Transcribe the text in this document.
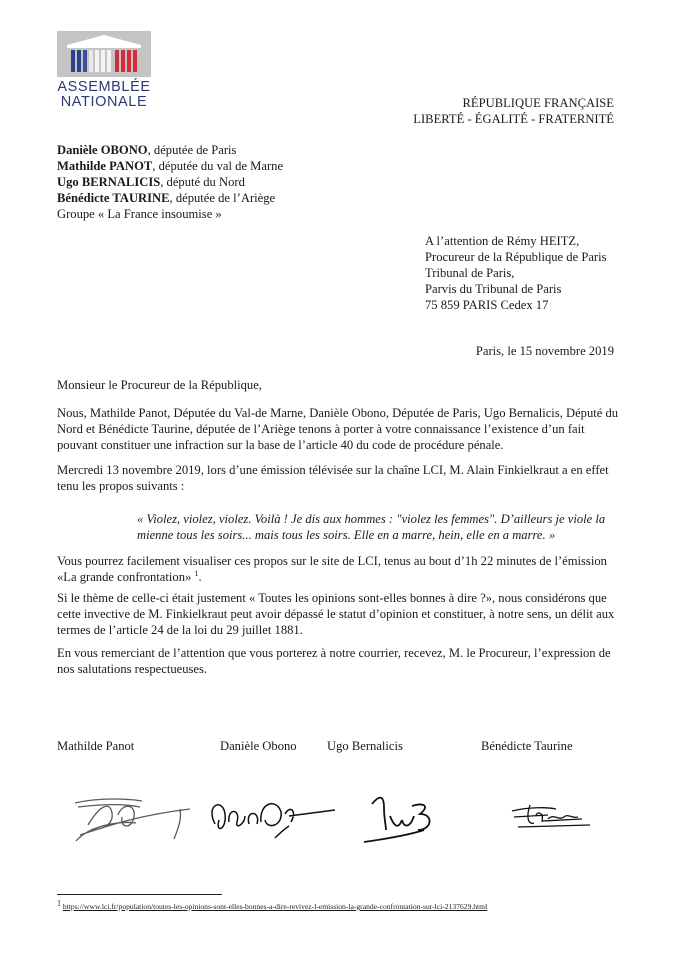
ASSEMBLÉE
NATIONALE	RÉPUBLIQUE FRANÇAISE
LIBERTÉ - ÉGALITÉ - FRATERNITÉ
Danièle OBONO, députée de Paris
Mathilde PANOT, députée du val de Marne
Ugo BERNALICIS, député du Nord
Bénédicte TAURINE, députée de l’Ariège
Groupe « La France insoumise »
A l’attention de Rémy HEITZ,
Procureur de la République de Paris
Tribunal de Paris,
Parvis du Tribunal de Paris
75 859 PARIS Cedex 17
Paris, le 15 novembre 2019

Monsieur le Procureur de la République,

Nous, Mathilde Panot, Députée du Val-de Marne, Danièle Obono, Députée de Paris, Ugo Bernalicis, Député du Nord et Bénédicte Taurine, députée de l’Ariège tenons à porter à votre connaissance l’existence d’un fait pouvant constituer une infraction sur la base de l’article 40 du code de procédure pénale.

Mercredi 13 novembre 2019, lors d’une émission télévisée sur la chaîne LCI, M. Alain Finkielkraut a en effet tenu les propos suivants :

« Violez, violez, violez. Voilà ! Je dis aux hommes : "violez les femmes". D’ailleurs je viole la mienne tous les soirs... mais tous les soirs. Elle en a marre, hein, elle en a marre. »

Vous pourrez facilement visualiser ces propos sur le site de LCI, tenus au bout d’1h 22 minutes de l’émission «La grande confrontation» $^1$.

Si le thème de celle-ci était justement « Toutes les opinions sont-elles bonnes à dire ?», nous considérons que cette invective de M. Finkielkraut peut avoir dépassé le statut d’opinion et constituer, à notre sens, un délit aux termes de l’article 24 de la loi du 29 juillet 1881.

En vous remerciant de l’attention que vous porterez à notre courrier, recevez, M. le Procureur, l’expression de nos salutations respectueuses.

Mathilde Panot	Danièle Obono Ugo Bernalicis	Bénédicte Taurine
$^1$ https://www.lci.fr/population/toutes-les-opinions-sont-elles-bonnes-a-dire-revivez-l-emission-la-grande-confrontation-sur-lci-2137629.html
